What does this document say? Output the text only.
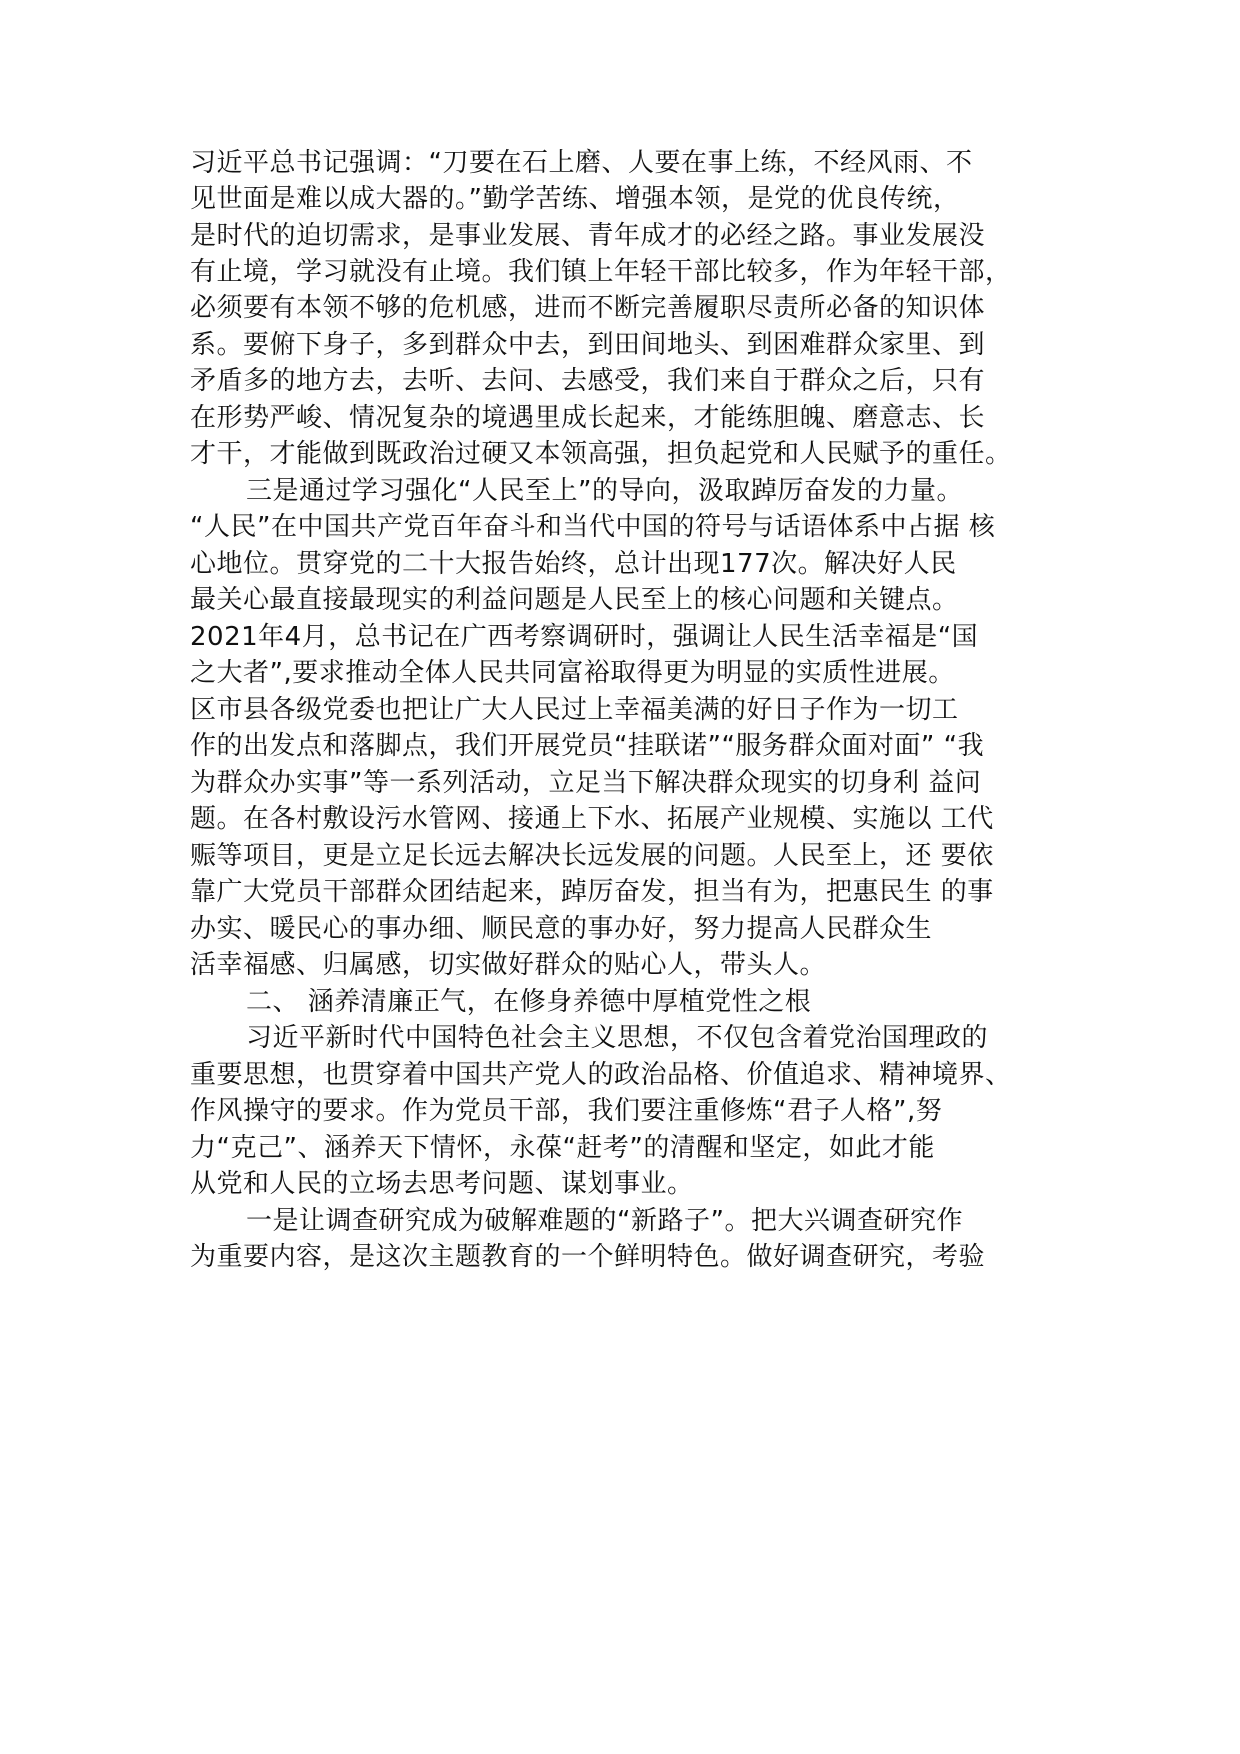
习近平总书记强调：“刀要在石上磨、人要在事上练，不经风雨、不

见世面是难以成大器的。”勤学苦练、增强本领，是党的优良传统，

是时代的迫切需求，是事业发展、青年成才的必经之路。事业发展没

有止境，学习就没有止境。我们镇上年轻干部比较多，作为年轻干部，

必须要有本领不够的危机感，进而不断完善履职尽责所必备的知识体

系。要俯下身子，多到群众中去，到田间地头、到困难群众家里、到

矛盾多的地方去，去听、去问、去感受，我们来自于群众之后，只有

在形势严峻、情况复杂的境遇里成长起来，才能练胆魄、磨意志、长

才干，才能做到既政治过硬又本领高强，担负起党和人民赋予的重任。

三是通过学习强化“人民至上”的导向，汲取踔厉奋发的力量。

“人民”在中国共产党百年奋斗和当代中国的符号与话语体系中占据 核

心地位。贯穿党的二十大报告始终，总计出现177次。解决好人民

最关心最直接最现实的利益问题是人民至上的核心问题和关键点。

2021年4月，总书记在广西考察调研时，强调让人民生活幸福是“国

之大者”,要求推动全体人民共同富裕取得更为明显的实质性进展。

区市县各级党委也把让广大人民过上幸福美满的好日子作为一切工

作的出发点和落脚点，我们开展党员“挂联诺”“服务群众面对面” “我

为群众办实事”等一系列活动，立足当下解决群众现实的切身利 益问

题。在各村敷设污水管网、接通上下水、拓展产业规模、实施以 工代

赈等项目，更是立足长远去解决长远发展的问题。人民至上，还 要依

靠广大党员干部群众团结起来，踔厉奋发，担当有为，把惠民生 的事

办实、暖民心的事办细、顺民意的事办好，努力提高人民群众生

活幸福感、归属感，切实做好群众的贴心人，带头人。

二、 涵养清廉正气，在修身养德中厚植党性之根

习近平新时代中国特色社会主义思想，不仅包含着党治国理政的

重要思想，也贯穿着中国共产党人的政治品格、价值追求、精神境界、

作风操守的要求。作为党员干部，我们要注重修炼“君子人格”,努

力“克己”、涵养天下情怀，永葆“赶考”的清醒和坚定，如此才能

从党和人民的立场去思考问题、谋划事业。

一是让调查研究成为破解难题的“新路子”。把大兴调查研究作

为重要内容，是这次主题教育的一个鲜明特色。做好调查研究，考验
